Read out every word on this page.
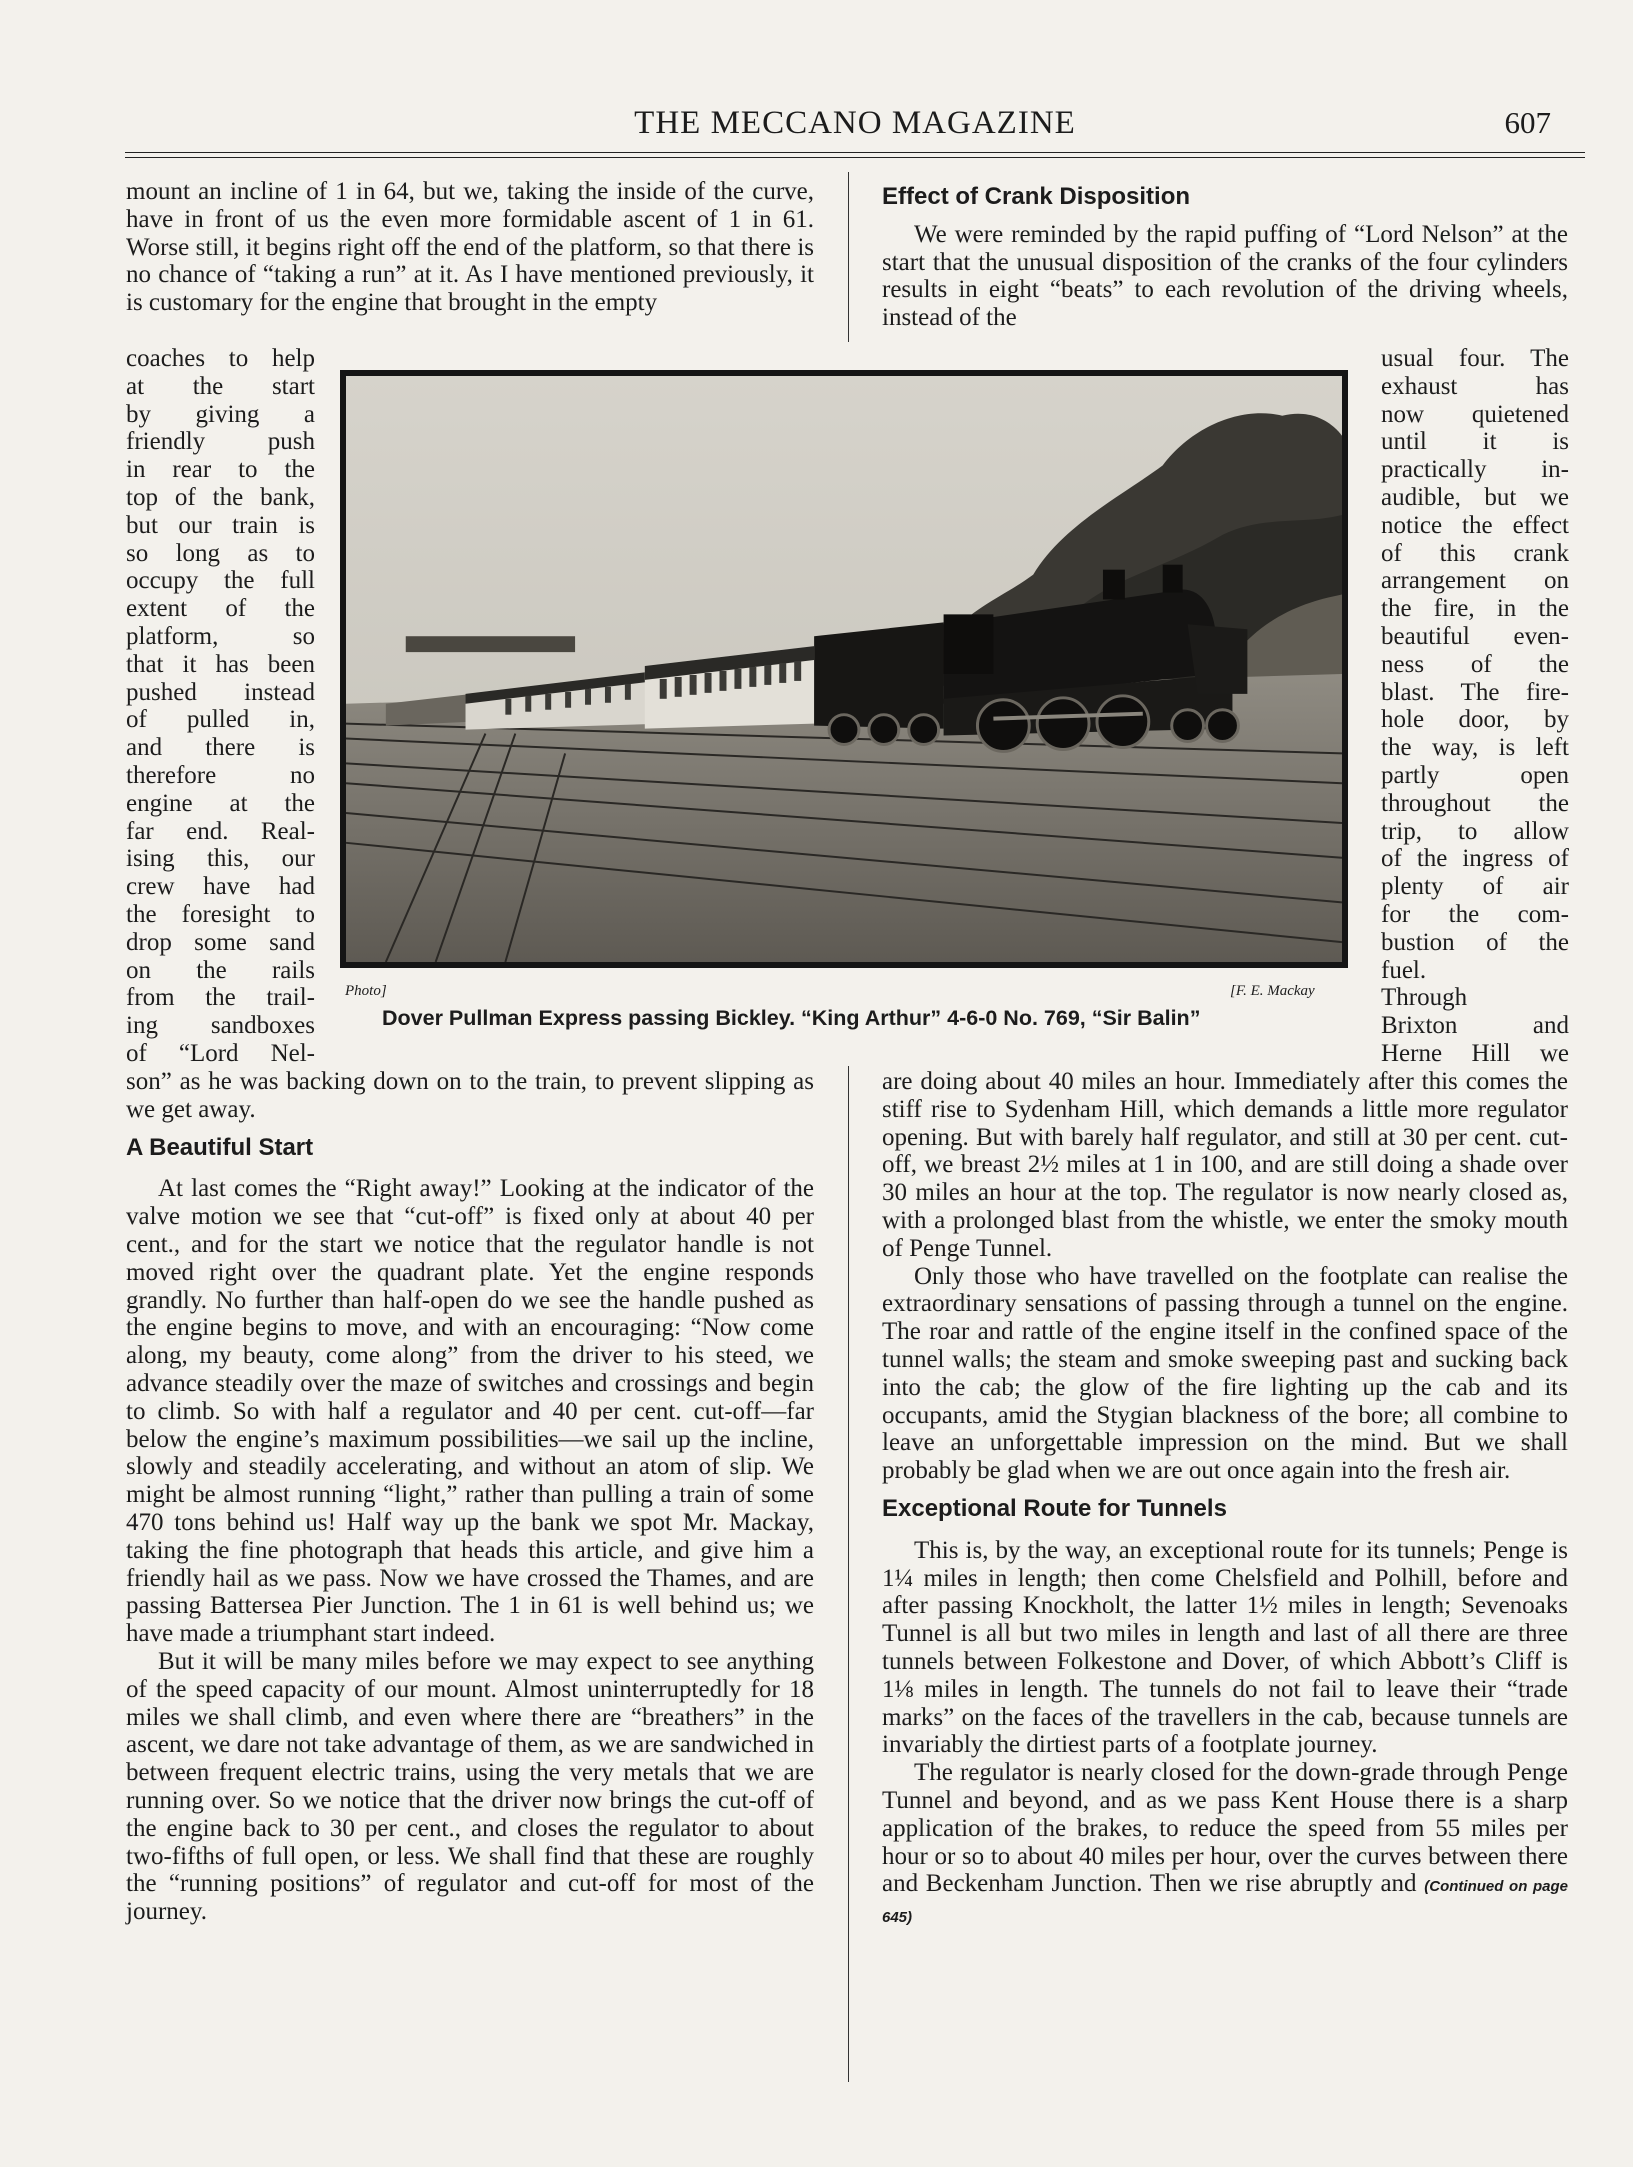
THE MECCANO MAGAZINE	607

mount an incline of 1 in 64, but we, taking the inside of the curve, have in front of us the even more formidable ascent of 1 in 61. Worse still, it begins right off the end of the platform, so that there is no chance of “taking a run” at it. As I have mentioned previously, it is customary for the engine that brought in the empty

coaches to help
at the start
by giving a
friendly push
in rear to the
top of the bank,
but our train is
so long as to
occupy the full
extent of the
platform, so
that it has been
pushed instead
of pulled in,
and there is
therefore no
engine at the
far end. Real-
ising this, our
crew have had
the foresight to
drop some sand
on the rails
from the trail-
ing sandboxes
of “Lord Nel-

son” as he was backing down on to the train, to prevent slipping as we get away.

A Beautiful Start

At last comes the “Right away!” Looking at the indicator of the valve motion we see that “cut-off” is fixed only at about 40 per cent., and for the start we notice that the regulator handle is not moved right over the quadrant plate. Yet the engine responds grandly. No further than half-open do we see the handle pushed as the engine begins to move, and with an encouraging: “Now come along, my beauty, come along” from the driver to his steed, we advance steadily over the maze of switches and crossings and begin to climb. So with half a regulator and 40 per cent. cut-off—far below the engine’s maximum possibilities—we sail up the incline, slowly and steadily accelerating, and without an atom of slip. We might be almost running “light,” rather than pulling a train of some 470 tons behind us! Half way up the bank we spot Mr. Mackay, taking the fine photograph that heads this article, and give him a friendly hail as we pass. Now we have crossed the Thames, and are passing Battersea Pier Junction. The 1 in 61 is well behind us; we have made a triumphant start indeed.

But it will be many miles before we may expect to see anything of the speed capacity of our mount. Almost uninterruptedly for 18 miles we shall climb, and even where there are “breathers” in the ascent, we dare not take advantage of them, as we are sandwiched in between frequent electric trains, using the very metals that we are running over. So we notice that the driver now brings the cut-off of the engine back to 30 per cent., and closes the regulator to about two-fifths of full open, or less. We shall find that these are roughly the “running positions” of regulator and cut-off for most of the journey.

Effect of Crank Disposition

We were reminded by the rapid puffing of “Lord Nelson” at the start that the unusual disposition of the cranks of the four cylinders results in eight “beats” to each revolution of the driving wheels, instead of the

usual four. The
exhaust has
now quietened
until it is
practically in-
audible, but we
notice the effect
of this crank
arrangement on
the fire, in the
beautiful even-
ness of the
blast. The fire-
hole door, by
the way, is left
partly open
throughout the
trip, to allow
of the ingress of
plenty of air
for the com-
bustion of the
fuel.
Through
Brixton and
Herne Hill we

are doing about 40 miles an hour. Immediately after this comes the stiff rise to Sydenham Hill, which demands a little more regulator opening. But with barely half regulator, and still at 30 per cent. cut-off, we breast 2½ miles at 1 in 100, and are still doing a shade over 30 miles an hour at the top. The regulator is now nearly closed as, with a prolonged blast from the whistle, we enter the smoky mouth of Penge Tunnel.

Only those who have travelled on the footplate can realise the extraordinary sensations of passing through a tunnel on the engine. The roar and rattle of the engine itself in the confined space of the tunnel walls; the steam and smoke sweeping past and sucking back into the cab; the glow of the fire lighting up the cab and its occupants, amid the Stygian blackness of the bore; all combine to leave an unforgettable impression on the mind. But we shall probably be glad when we are out once again into the fresh air.

Exceptional Route for Tunnels

This is, by the way, an exceptional route for its tunnels; Penge is 1¼ miles in length; then come Chelsfield and Polhill, before and after passing Knockholt, the latter 1½ miles in length; Sevenoaks Tunnel is all but two miles in length and last of all there are three tunnels between Folkestone and Dover, of which Abbott’s Cliff is 1⅛ miles in length. The tunnels do not fail to leave their “trade marks” on the faces of the travellers in the cab, because tunnels are invariably the dirtiest parts of a footplate journey.

The regulator is nearly closed for the down-grade through Penge Tunnel and beyond, and as we pass Kent House there is a sharp application of the brakes, to reduce the speed from 55 miles per hour or so to about 40 miles per hour, over the curves between there and Beckenham Junction. Then we rise abruptly and (Continued on page 645)

Photo]	[F. E. Mackay
Dover Pullman Express passing Bickley. “King Arthur” 4-6-0 No. 769, “Sir Balin”
